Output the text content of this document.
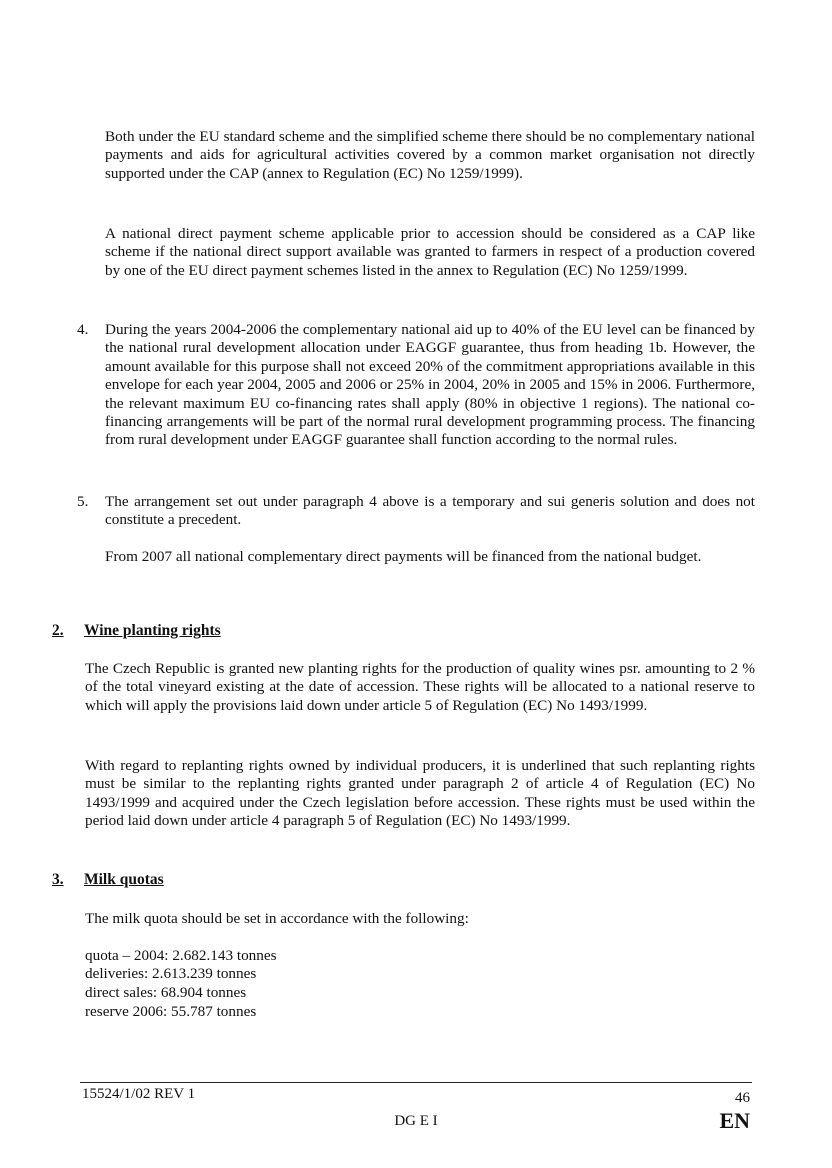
Both under the EU standard scheme and the simplified scheme there should be no complementary national payments and aids for agricultural activities covered by a common market organisation not directly supported under the CAP (annex to Regulation (EC) No 1259/1999).
A national direct payment scheme applicable prior to accession should be considered as a CAP like scheme if the national direct support available was granted to farmers in respect of a production covered by one of the EU direct payment schemes listed in the annex to Regulation (EC) No 1259/1999.
4. During the years 2004-2006 the complementary national aid up to 40% of the EU level can be financed by the national rural development allocation under EAGGF guarantee, thus from heading 1b. However, the amount available for this purpose shall not exceed 20% of the commitment appropriations available in this envelope for each year 2004, 2005 and 2006 or 25% in 2004, 20% in 2005 and 15% in 2006. Furthermore, the relevant maximum EU co-financing rates shall apply (80% in objective 1 regions). The national co-financing arrangements will be part of the normal rural development programming process. The financing from rural development under EAGGF guarantee shall function according to the normal rules.
5. The arrangement set out under paragraph 4 above is a temporary and sui generis solution and does not constitute a precedent.
From 2007 all national complementary direct payments will be financed from the national budget.
2. Wine planting rights
The Czech Republic is granted new planting rights for the production of quality wines psr. amounting to 2 % of the total vineyard existing at the date of accession. These rights will be allocated to a national reserve to which will apply the provisions laid down under article 5 of Regulation (EC) No 1493/1999.
With regard to replanting rights owned by individual producers, it is underlined that such replanting rights must be similar to the replanting rights granted under paragraph 2 of article 4 of Regulation (EC) No 1493/1999 and acquired under the Czech legislation before accession. These rights must be used within the period laid down under article 4 paragraph 5 of Regulation (EC) No 1493/1999.
3. Milk quotas
The milk quota should be set in accordance with the following:
quota – 2004: 2.682.143 tonnes
deliveries: 2.613.239 tonnes
direct sales: 68.904 tonnes
reserve 2006: 55.787 tonnes
15524/1/02 REV 1	46
DG E I	EN
